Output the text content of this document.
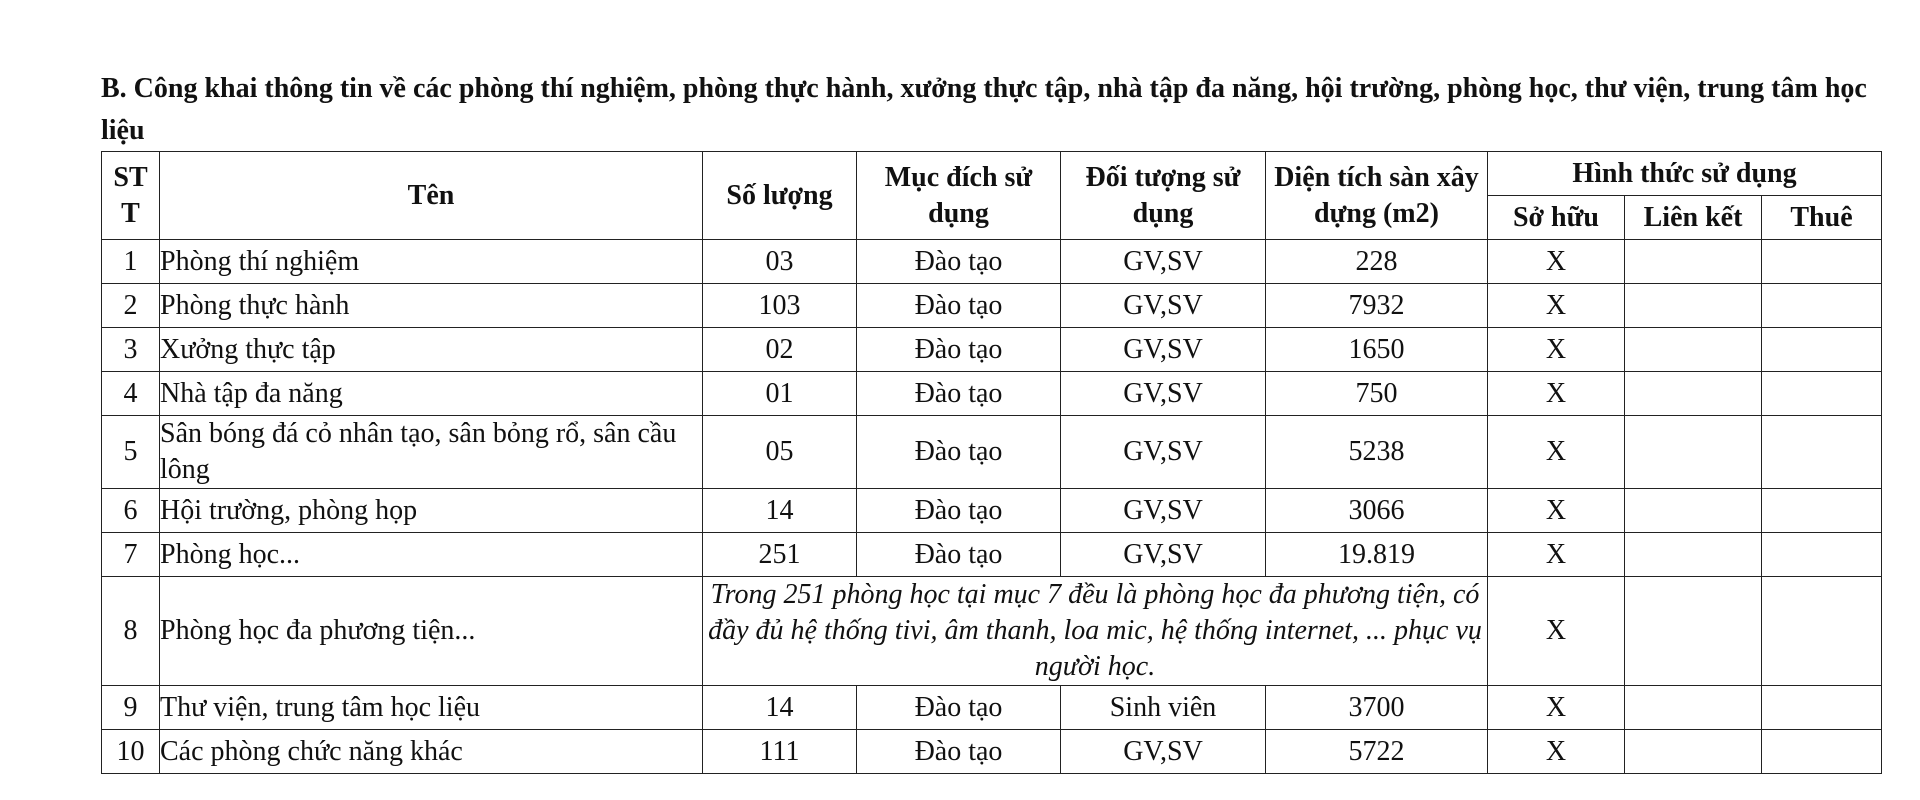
B. Công khai thông tin về các phòng thí nghiệm, phòng thực hành, xưởng thực tập, nhà tập đa năng, hội trường, phòng học, thư viện, trung tâm học liệu

ST T	Tên	Số lượng	Mục đích sử dụng	Đối tượng sử dụng	Diện tích sàn xây dựng (m2)	Hình thức sử dụng		
						Sở hữu	Liên kết	Thuê
1	Phòng thí nghiệm	03	Đào tạo	GV,SV	228	X		
2	Phòng thực hành	103	Đào tạo	GV,SV	7932	X		
3	Xưởng thực tập	02	Đào tạo	GV,SV	1650	X		
4	Nhà tập đa năng	01	Đào tạo	GV,SV	750	X		
5	Sân bóng đá cỏ nhân tạo, sân bỏng rổ, sân cầu lông	05	Đào tạo	GV,SV	5238	X		
6	Hội trường, phòng họp	14	Đào tạo	GV,SV	3066	X		
7	Phòng học...	251	Đào tạo	GV,SV	19.819	X		
8	Phòng học đa phương tiện...	Trong 251 phòng học tại mục 7 đều là phòng học đa phương tiện, có đầy đủ hệ thống tivi, âm thanh, loa mic, hệ thống internet, ... phục vụ người học.				X		
9	Thư viện, trung tâm học liệu	14	Đào tạo	Sinh viên	3700	X		
10	Các phòng chức năng khác	111	Đào tạo	GV,SV	5722	X		
